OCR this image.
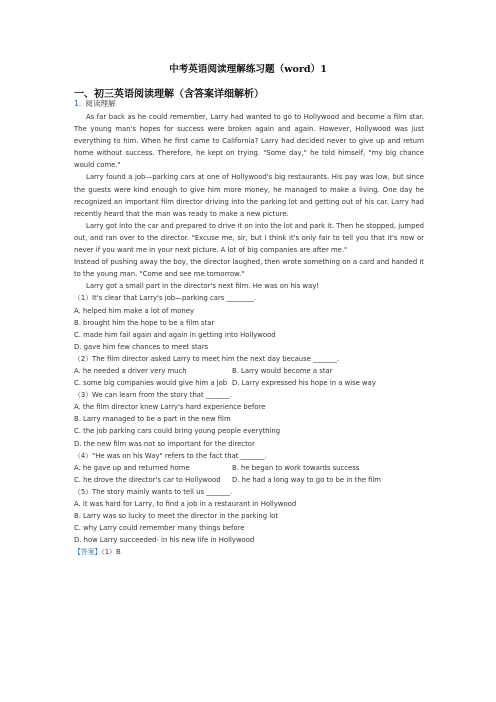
中考英语阅读理解练习题（word）1
一、初三英语阅读理解（含答案详细解析）
1. 阅读理解

As far back as he could remember, Larry had wanted to go to Hollywood and become a film star. The young man's hopes for success were broken again and again. However, Hollywood was just everything to him. When he first came to California? Larry had decided never to give up and return home without success. Therefore, he kept on trying. "Some day," he told himself, "my big chance would come."

Larry found a job—parking cars at one of Hollywood's big restaurants. His pay was low, but since the guests were kind enough to give him more money, he managed to make a living. One day he recognized an important film director driving into the parking lot and getting out of his car. Larry had recently heard that the man was ready to make a new picture.

Larry got into the car and prepared to drive it on into the lot and park it. Then he stopped, jumped out, and ran over to the director. "Excuse me, sir, but I think it's only fair to tell you that it's now or never if you want me in your next picture. A lot of big companies are after me."

Instead of pushing away the boy, the director laughed, then wrote something on a card and handed it to the young man. "Come and see me tomorrow."

Larry got a small part in the director's next film. He was on his way!

（1）It's clear that Larry's job—parking cars ________.
A. helped him make a lot of money
B. brought him the hope to be a film star
C. made him fail again and again in getting into Hollywood
D. gave him few chances to meet stars
（2）The film director asked Larry to meet him the next day because _______.
A. he needed a driver very much	B. Larry would become a star
C. some big companies would give him a job D. Larry expressed his hope in a wise way
（3）We can learn from the story that _______.
A. the film director knew Larry's hard experience before
B. Larry managed to be a part in the new film
C. the job parking cars could bring young people everything
D. the new film was not so important for the director
（4）"He was on his Way" refers to the fact that _______.
A. he gave up and returned home	B. he began to work towards success
C. he drove the director's car to Hollywood	D. he had a long way to go to be in the film
（5）The story mainly wants to tell us _______.
A. it was hard for Larry, to find a job in a restaurant in Hollywood
B. Larry was so lucky to meet the director in the parking lot
C. why Larry could remember many things before
D. how Larry succeeded- in his new life in Hollywood
【答案】（1）B
